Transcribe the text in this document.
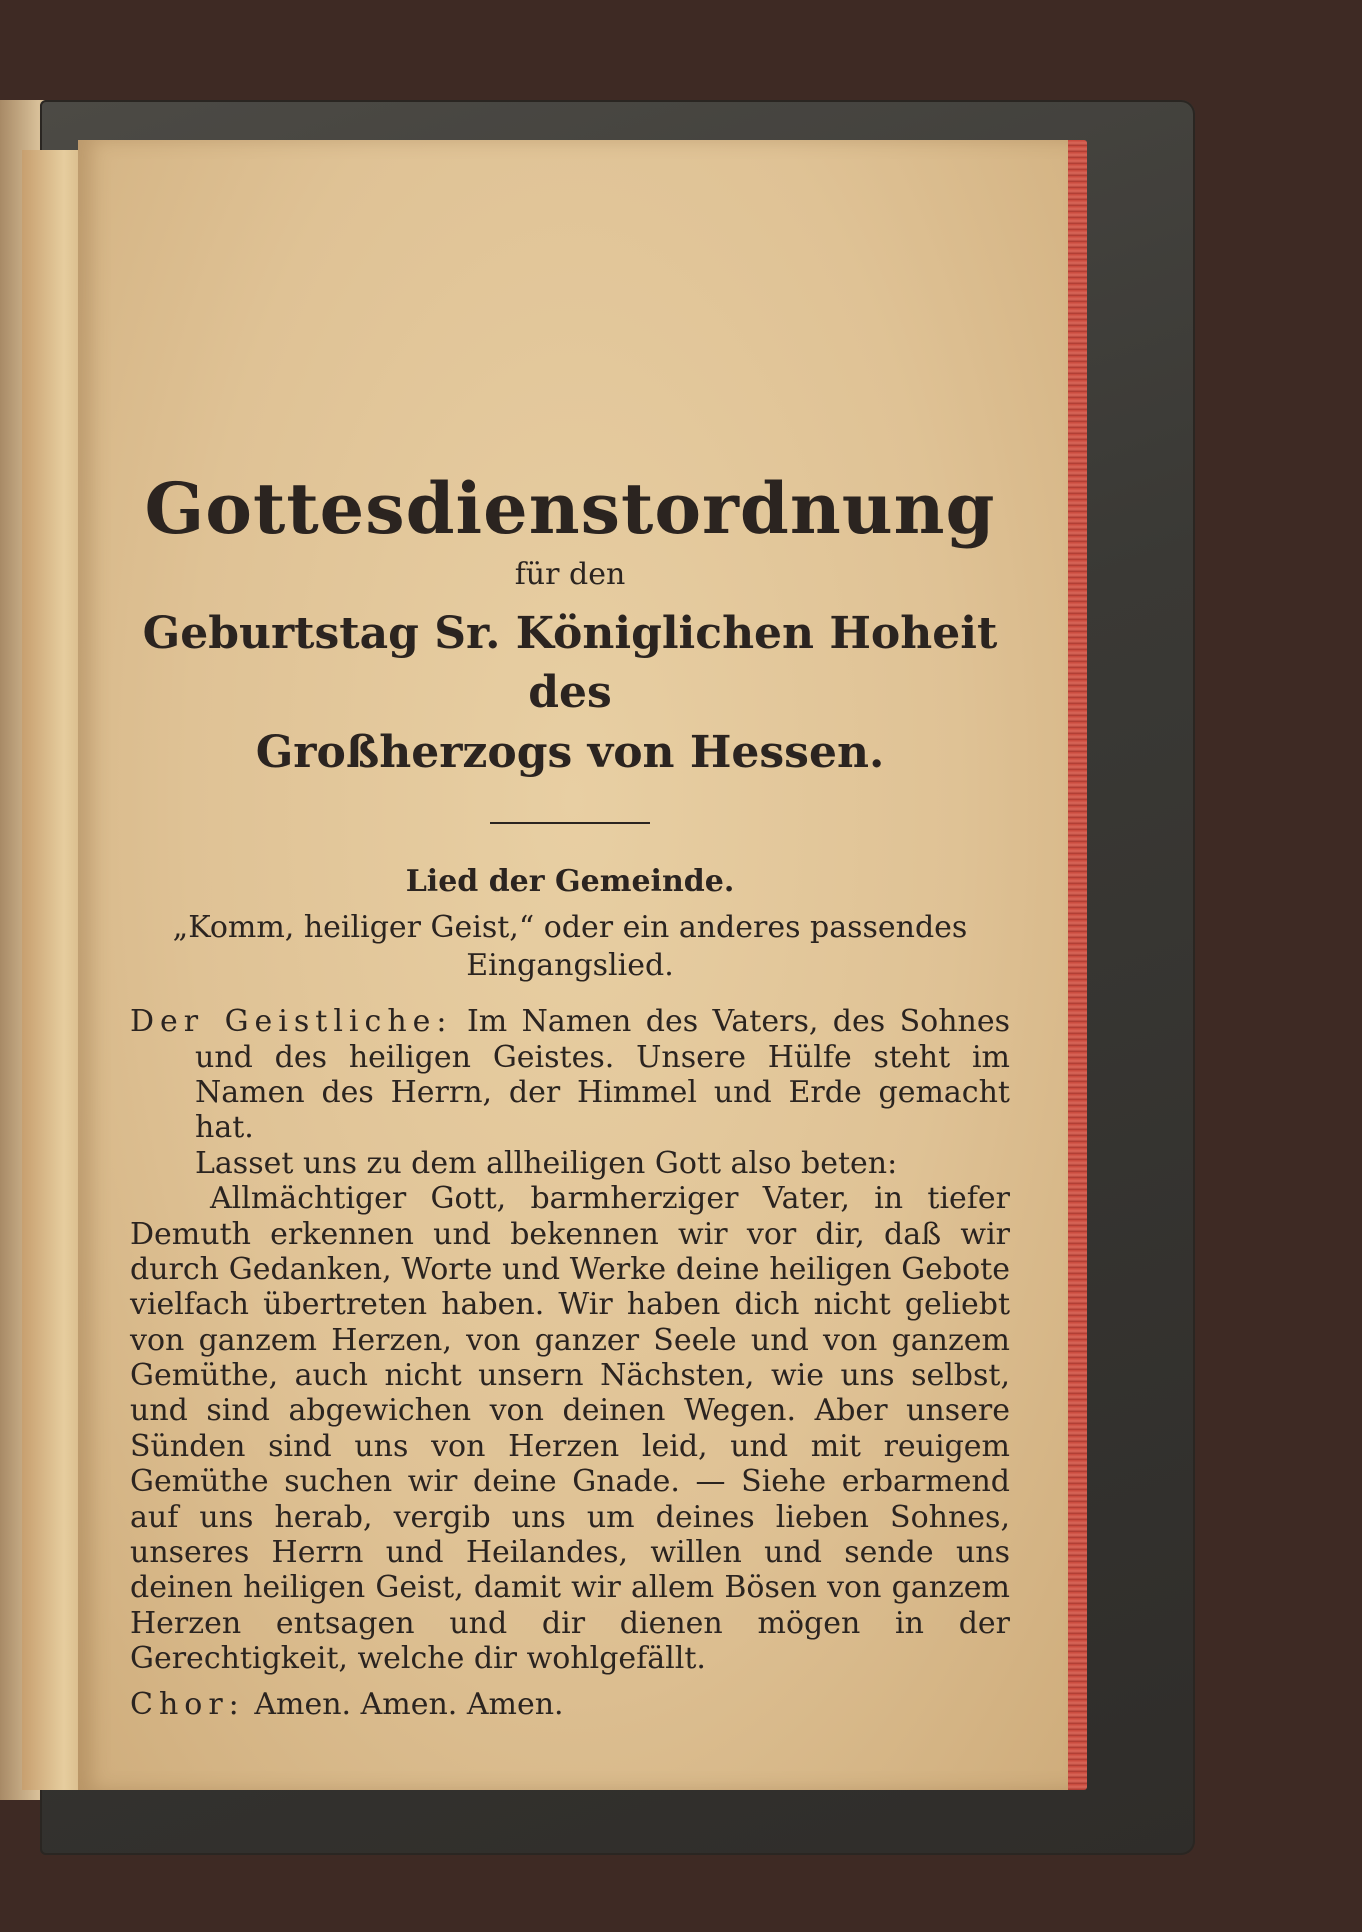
Gottesdienstordnung

für den

Geburtstag Sr. Königlichen Hoheit des

Großherzogs von Hessen.

Lied der Gemeinde.

„Komm, heiliger Geist,“ oder ein anderes passendes Eingangslied.

Der Geistliche: Im Namen des Vaters, des Sohnes und des heiligen Geistes. Unsere Hülfe steht im Namen des Herrn, der Himmel und Erde gemacht hat.

Lasset uns zu dem allheiligen Gott also beten:

Allmächtiger Gott, barmherziger Vater, in tiefer Demuth erkennen und bekennen wir vor dir, daß wir durch Gedanken, Worte und Werke deine heiligen Gebote vielfach übertreten haben. Wir haben dich nicht geliebt von ganzem Herzen, von ganzer Seele und von ganzem Gemüthe, auch nicht unsern Nächsten, wie uns selbst, und sind abgewichen von deinen Wegen. Aber unsere Sünden sind uns von Herzen leid, und mit reuigem Gemüthe suchen wir deine Gnade. — Siehe erbarmend auf uns herab, vergib uns um deines lieben Sohnes, unseres Herrn und Heilandes, willen und sende uns deinen heiligen Geist, damit wir allem Bösen von ganzem Herzen entsagen und dir dienen mögen in der Gerechtigkeit, welche dir wohlgefällt.

Chor: Amen. Amen. Amen.
